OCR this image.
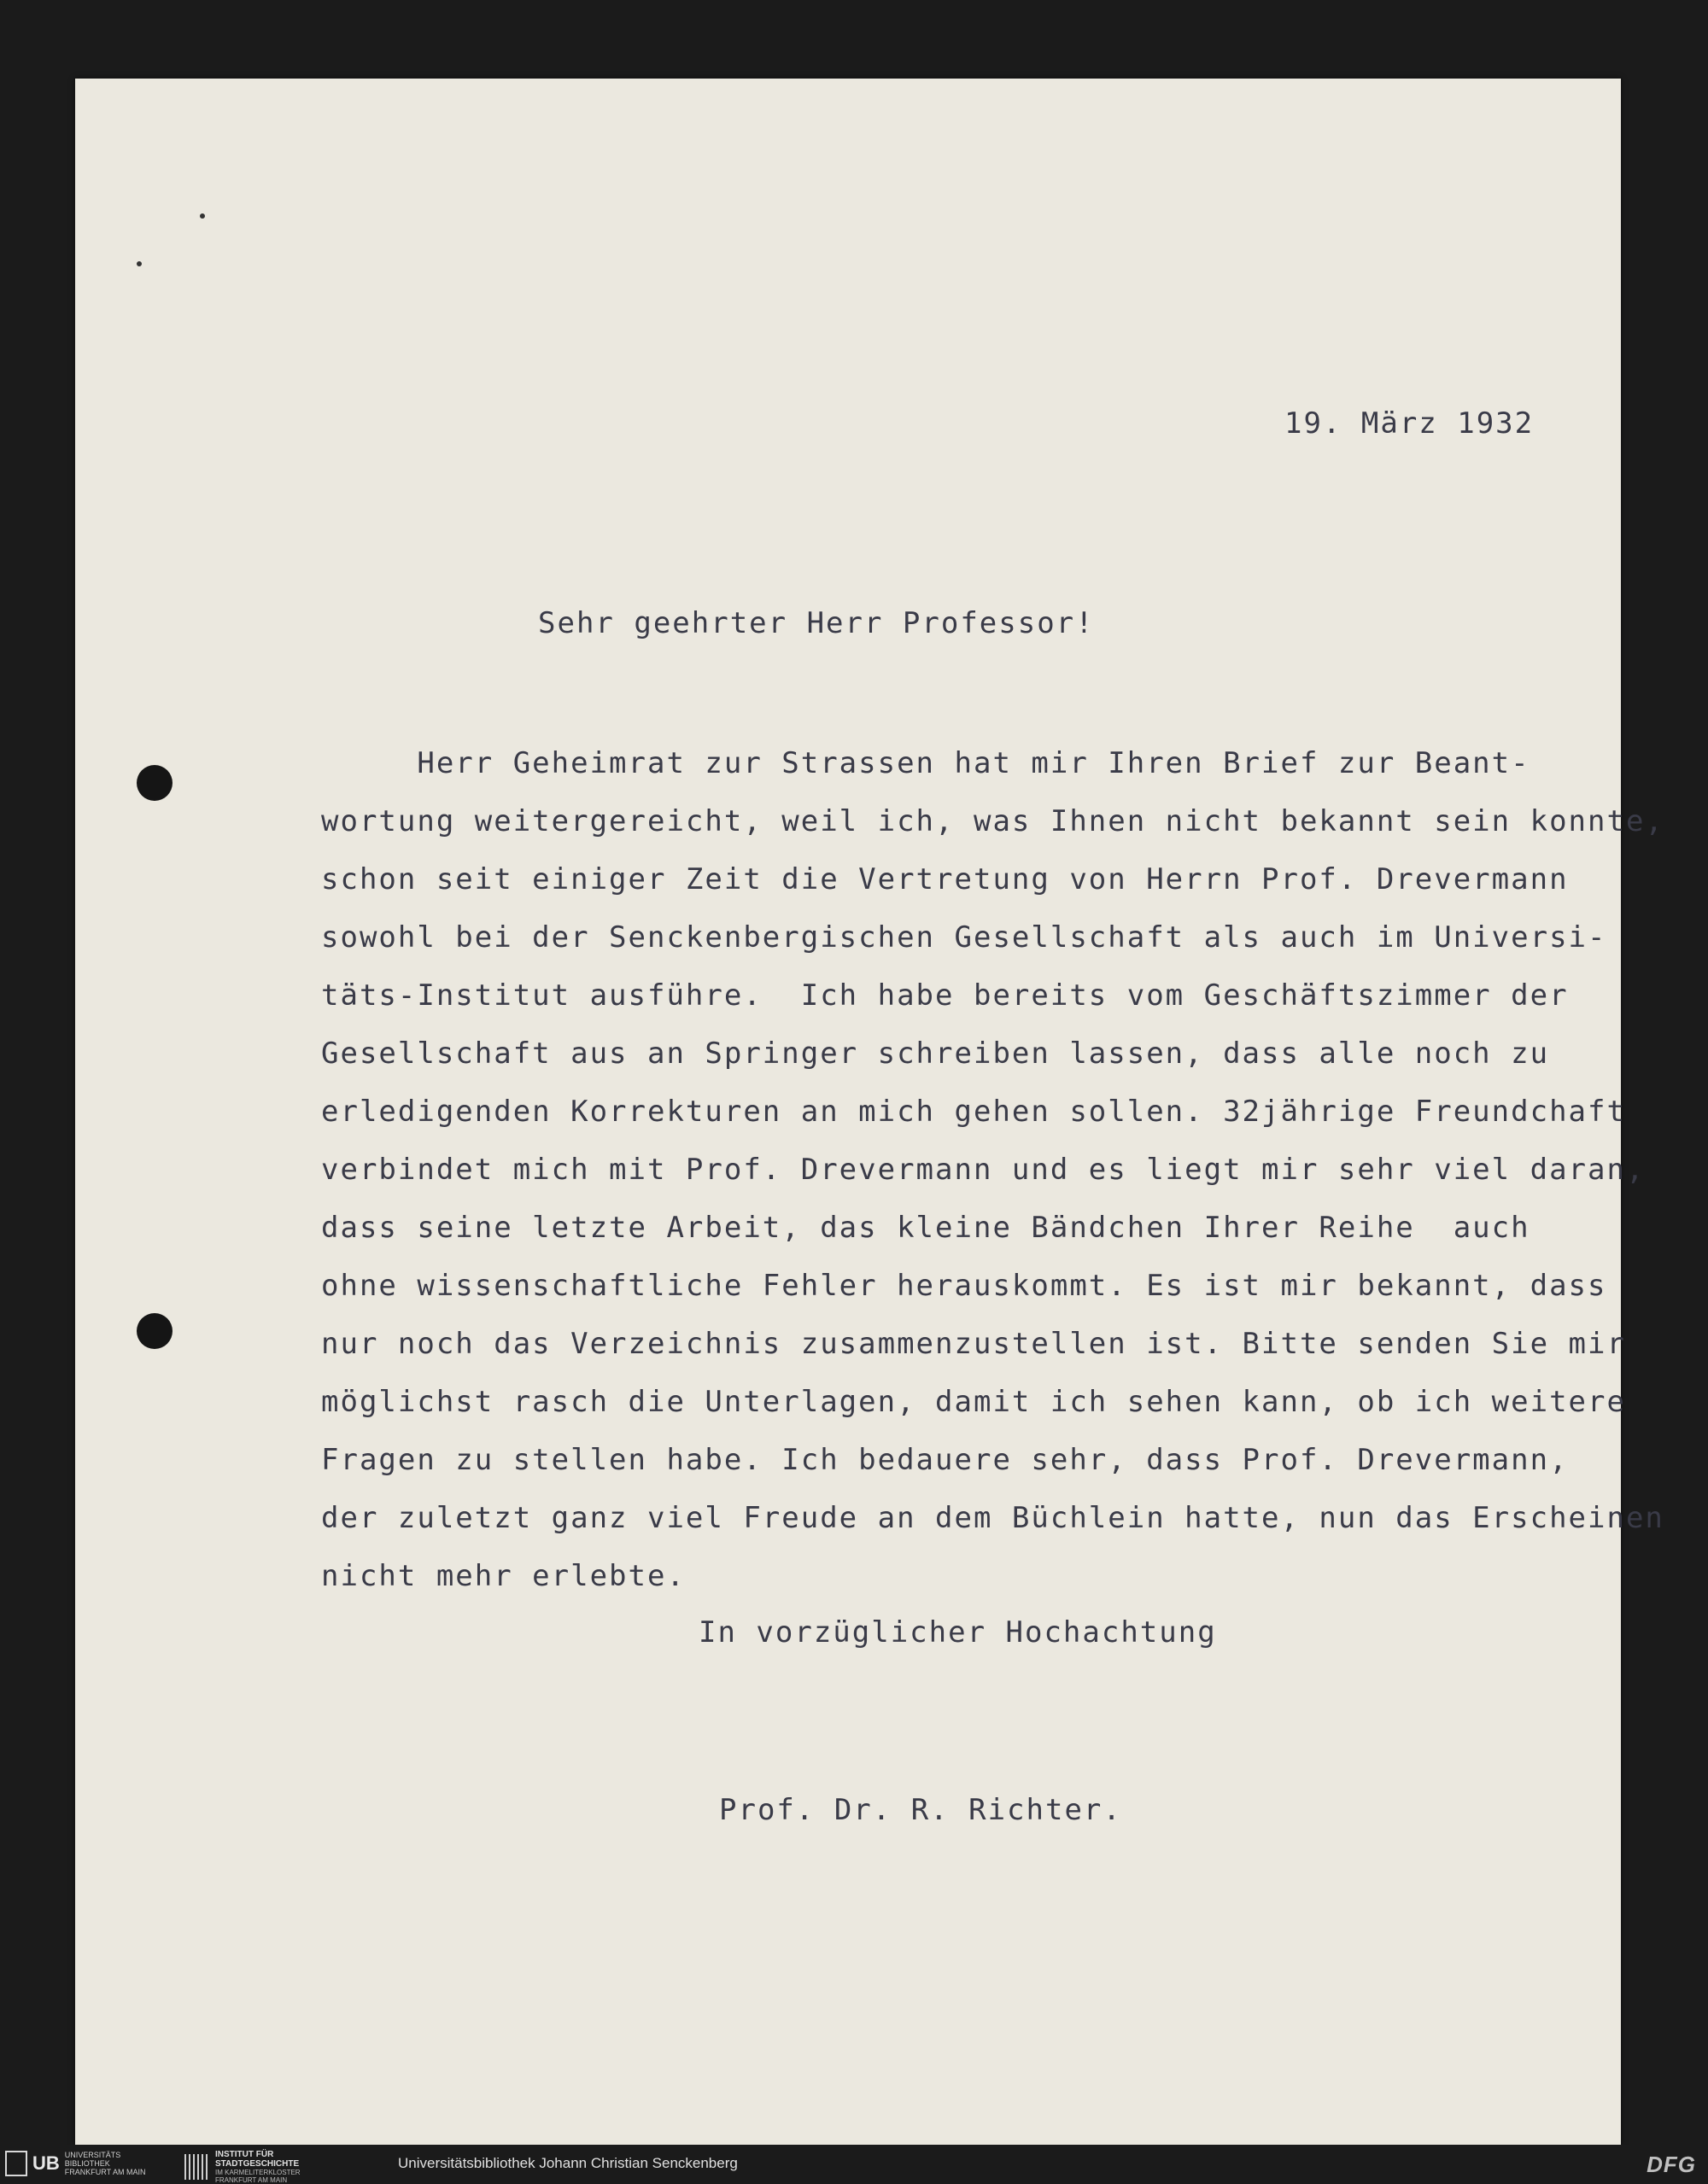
19. März 1932
Sehr geehrter Herr Professor!
Herr Geheimrat zur Strassen hat mir Ihren Brief zur Beant-
wortung weitergereicht, weil ich, was Ihnen nicht bekannt sein konnte,
schon seit einiger Zeit die Vertretung von Herrn Prof. Drevermann
sowohl bei der Senckenbergischen Gesellschaft als auch im Universi-
täts-Institut ausführe.  Ich habe bereits vom Geschäftszimmer der
Gesellschaft aus an Springer schreiben lassen, dass alle noch zu
erledigenden Korrekturen an mich gehen sollen. 32jährige Freundchaft
verbindet mich mit Prof. Drevermann und es liegt mir sehr viel daran,
dass seine letzte Arbeit, das kleine Bändchen Ihrer Reihe  auch
ohne wissenschaftliche Fehler herauskommt. Es ist mir bekannt, dass
nur noch das Verzeichnis zusammenzustellen ist. Bitte senden Sie mir
möglichst rasch die Unterlagen, damit ich sehen kann, ob ich weitere
Fragen zu stellen habe. Ich bedauere sehr, dass Prof. Drevermann,
der zuletzt ganz viel Freude an dem Büchlein hatte, nun das Erscheinen
nicht mehr erlebte.
In vorzüglicher Hochachtung
Prof. Dr. R. Richter.
UB UNIVERSITÄTS
BIBLIOTHEK
FRANKFURT AM MAIN
INSTITUT FÜR
STADTGESCHICHTE
IM KARMELITERKLOSTER
FRANKFURT AM MAIN
Universitätsbibliothek Johann Christian Senckenberg	DFG
